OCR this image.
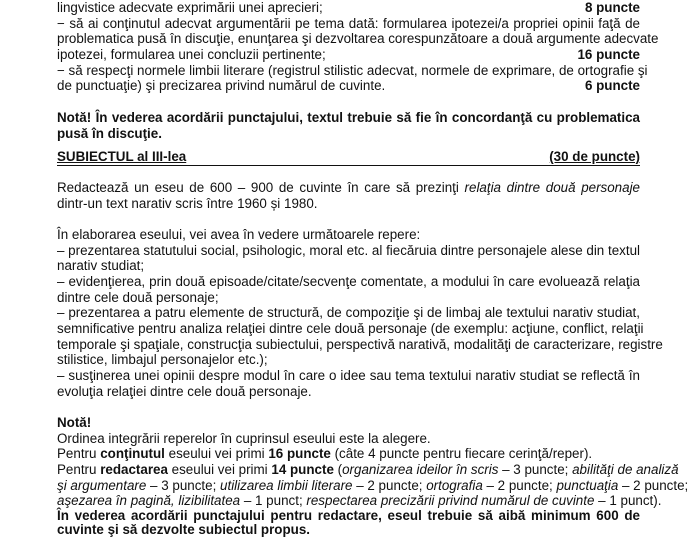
lingvistice adecvate exprimării unei aprecieri;	8 puncte
− să ai conţinutul adecvat argumentării pe tema dată: formularea ipotezei/a propriei opinii faţă de
problematica pusă în discuţie, enunţarea şi dezvoltarea corespunzătoare a două argumente adecvate
ipotezei, formularea unei concluzii pertinente;	16 puncte
− să respecţi normele limbii literare (registrul stilistic adecvat, normele de exprimare, de ortografie şi
de punctuaţie) şi precizarea privind numărul de cuvinte.	6 puncte
Notă! În vederea acordării punctajului, textul trebuie să fie în concordanţă cu problematica
pusă în discuţie.
SUBIECTUL al III-lea	(30 de puncte)
Redactează un eseu de 600 – 900 de cuvinte în care să prezinţi relaţia dintre două personaje
dintr-un text narativ scris între 1960 și 1980.
În elaborarea eseului, vei avea în vedere următoarele repere:
– prezentarea statutului social, psihologic, moral etc. al fiecăruia dintre personajele alese din textul
narativ studiat;
– evidenţierea, prin două episoade/citate/secvenţe comentate, a modului în care evoluează relaţia
dintre cele două personaje;
– prezentarea a patru elemente de structură, de compoziţie şi de limbaj ale textului narativ studiat,
semnificative pentru analiza relaţiei dintre cele două personaje (de exemplu: acţiune, conflict, relaţii
temporale şi spaţiale, construcţia subiectului, perspectivă narativă, modalităţi de caracterizare, registre
stilistice, limbajul personajelor etc.);
– susţinerea unei opinii despre modul în care o idee sau tema textului narativ studiat se reflectă în
evoluţia relaţiei dintre cele două personaje.
Notă!
Ordinea integrării reperelor în cuprinsul eseului este la alegere.
Pentru conţinutul eseului vei primi 16 puncte (câte 4 puncte pentru fiecare cerinţă/reper).
Pentru redactarea eseului vei primi 14 puncte (organizarea ideilor în scris – 3 puncte; abilităţi de analiză
şi argumentare – 3 puncte; utilizarea limbii literare – 2 puncte; ortografia – 2 puncte; punctuaţia – 2 puncte;
aşezarea în pagină, lizibilitatea – 1 punct; respectarea precizării privind numărul de cuvinte – 1 punct).
În vederea acordării punctajului pentru redactare, eseul trebuie să aibă minimum 600 de
cuvinte şi să dezvolte subiectul propus.
